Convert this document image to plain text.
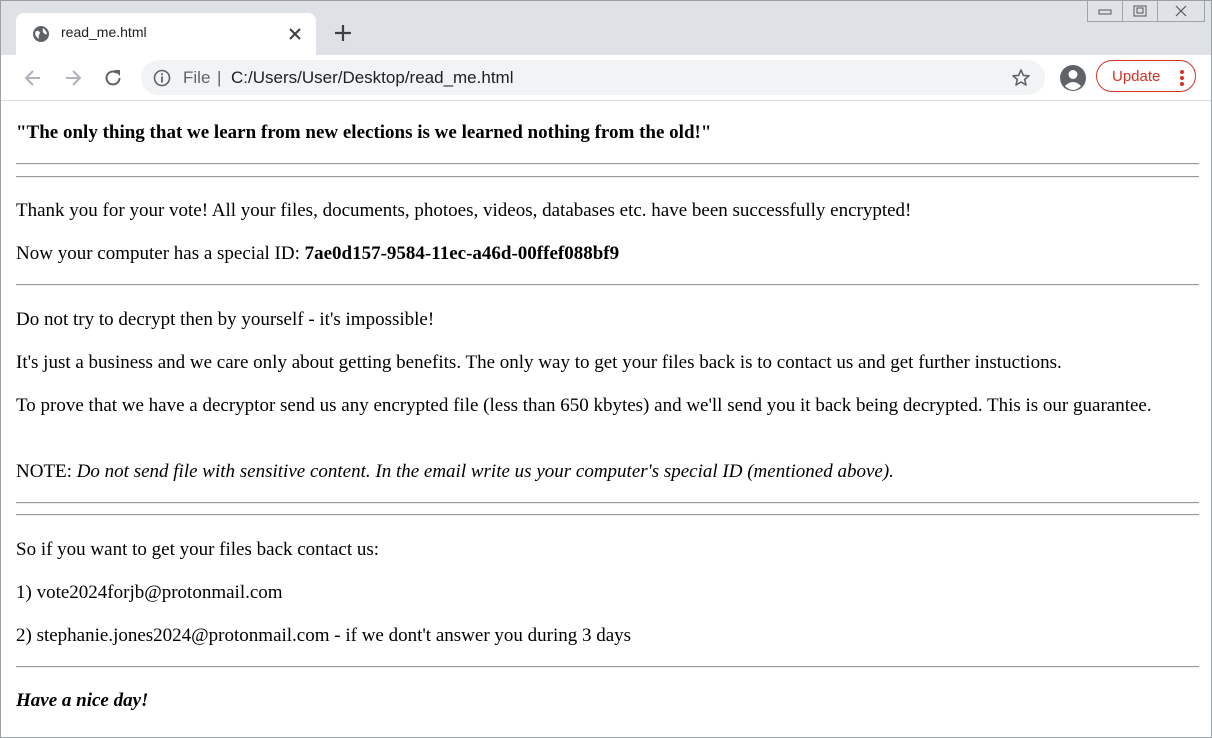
read_me.html
File | C:/Users/User/Desktop/read_me.html	Update

"The only thing that we learn from new elections is we learned nothing from the old!"

Thank you for your vote! All your files, documents, photoes, videos, databases etc. have been successfully encrypted!

Now your computer has a special ID: 7ae0d157-9584-11ec-a46d-00ffef088bf9

Do not try to decrypt then by yourself - it's impossible!

It's just a business and we care only about getting benefits. The only way to get your files back is to contact us and get further instuctions.

To prove that we have a decryptor send us any encrypted file (less than 650 kbytes) and we'll send you it back being decrypted. This is our guarantee.

NOTE: Do not send file with sensitive content. In the email write us your computer's special ID (mentioned above).

So if you want to get your files back contact us:

1) vote2024forjb@protonmail.com

2) stephanie.jones2024@protonmail.com - if we dont't answer you during 3 days

Have a nice day!
